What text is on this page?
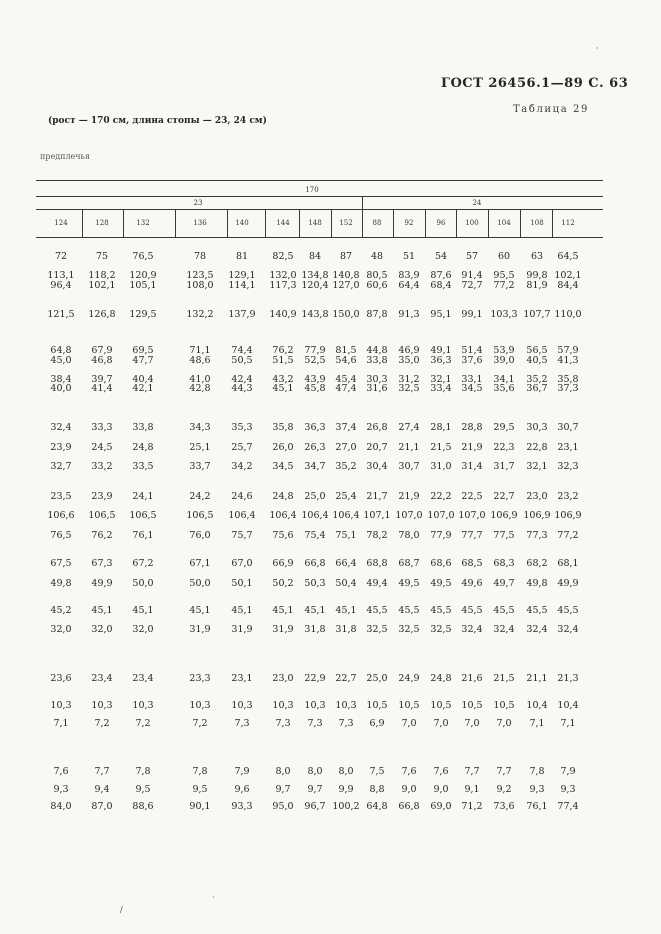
ГОСТ 26456.1—89 С. 63
Таблица 29
(рост — 170 см, длина стопы — 23, 24 см)
предплечья
170
23	24
124	128	132	136	140	144	148	152	88	92	96	100	104	108	112
72	75	76,5	78	81	82,5	84	87	48	51	54	57	60	63	64,5
113,1	118,2	120,9	123,5	129,1	132,0 134,8 140,8 80,5	83,9	87,6	91,4	95,5	99,8 102,1
96,4	102,1	105,1	108,0	114,1	117,3 120,4 127,0 60,6	64,4	68,4	72,7	77,2	81,9	84,4
121,5	126,8	129,5	132,2	137,9	140,9 143,8 150,0 87,8	91,3	95,1	99,1 103,3 107,7 110,0
64,8	67,9	69,5	71,1	74,4	76,2	77,9	81,5	44,8	46,9	49,1	51,4	53,9	56,5	57,9
45,0	46,8	47,7	48,6	50,5	51,5	52,5	54,6	33,8	35,0	36,3	37,6	39,0	40,5	41,3
38,4	39,7	40,4	41,0	42,4	43,2	43,9	45,4	30,3	31,2	32,1	33,1	34,1	35,2	35,8
40,0	41,4	42,1	42,8	44,3	45,1	45,8	47,4	31,6	32,5	33,4	34,5	35,6	36,7	37,3
32,4	33,3	33,8	34,3	35,3	35,8	36,3	37,4	26,8	27,4	28,1	28,8	29,5	30,3	30,7
23,9	24,5	24,8	25,1	25,7	26,0	26,3	27,0	20,7	21,1	21,5	21,9	22,3	22,8	23,1
32,7	33,2	33,5	33,7	34,2	34,5	34,7	35,2	30,4	30,7	31,0	31,4	31,7	32,1	32,3
23,5	23,9	24,1	24,2	24,6	24,8	25,0	25,4	21,7	21,9	22,2	22,5	22,7	23,0	23,2
106,6	106,5	106,5	106,5	106,4	106,4 106,4 106,4 107,1 107,0 107,0 107,0 106,9 106,9 106,9
76,5	76,2	76,1	76,0	75,7	75,6	75,4	75,1	78,2	78,0	77,9	77,7	77,5	77,3	77,2
67,5	67,3	67,2	67,1	67,0	66,9	66,8	66,4	68,8	68,7	68,6	68,5	68,3	68,2	68,1
49,8	49,9	50,0	50,0	50,1	50,2	50,3	50,4	49,4	49,5	49,5	49,6	49,7	49,8	49,9
45,2	45,1	45,1	45,1	45,1	45,1	45,1	45,1	45,5	45,5	45,5	45,5	45,5	45,5	45,5
32,0	32,0	32,0	31,9	31,9	31,9	31,8	31,8	32,5	32,5	32,5	32,4	32,4	32,4	32,4
23,6	23,4	23,4	23,3	23,1	23,0	22,9	22,7	25,0	24,9	24,8	21,6	21,5	21,1	21,3
10,3	10,3	10,3	10,3	10,3	10,3	10,3	10,3	10,5	10,5	10,5	10,5	10,5	10,4	10,4
7,1	7,2	7,2	7,2	7,3	7,3	7,3	7,3	6,9	7,0	7,0	7,0	7,0	7,1	7,1
7,6	7,7	7,8	7,8	7,9	8,0	8,0	8,0	7,5	7,6	7,6	7,7	7,7	7,8	7,9
9,3	9,4	9,5	9,5	9,6	9,7	9,7	9,9	8,8	9,0	9,0	9,1	9,2	9,3	9,3
84,0	87,0	88,6	90,1	93,3	95,0	96,7 100,2 64,8	66,8	69,0	71,2	73,6	76,1	77,4
·
·
/
